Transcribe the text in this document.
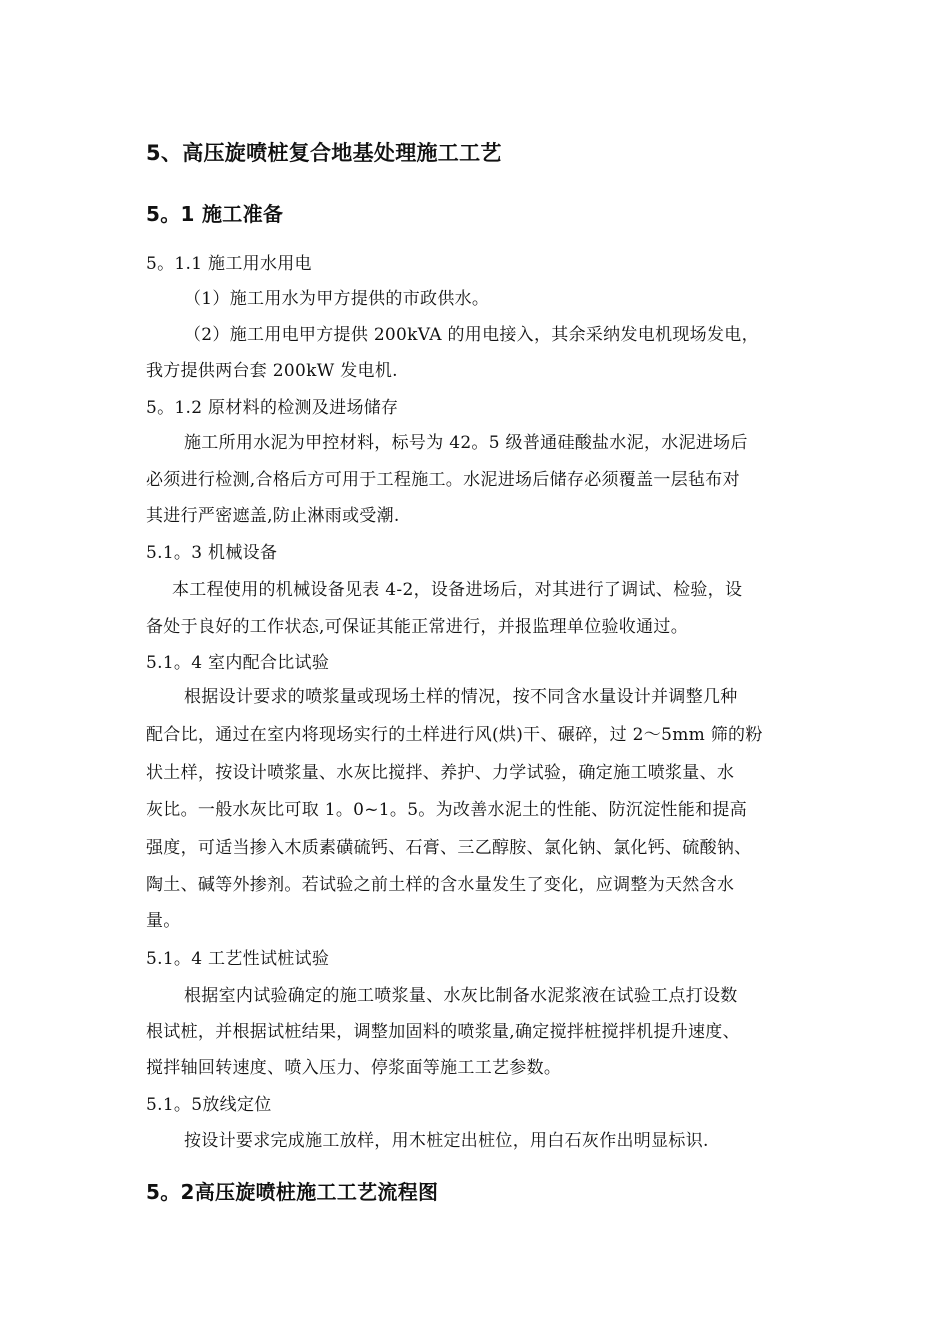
5、高压旋喷桩复合地基处理施工工艺
5。1 施工准备
5。1.1 施工用水用电
（1）施工用水为甲方提供的市政供水。
（2）施工用电甲方提供 200kVA 的用电接入，其余采纳发电机现场发电，
我方提供两台套 200kW 发电机.
5。1.2 原材料的检测及进场储存
施工所用水泥为甲控材料，标号为 42。5 级普通硅酸盐水泥，水泥进场后
必须进行检测,合格后方可用于工程施工。水泥进场后储存必须覆盖一层毡布对
其进行严密遮盖,防止淋雨或受潮.
5.1。3 机械设备
本工程使用的机械设备见表 4-2，设备进场后，对其进行了调试、检验，设
备处于良好的工作状态,可保证其能正常进行，并报监理单位验收通过。
5.1。4 室内配合比试验
根据设计要求的喷浆量或现场土样的情况，按不同含水量设计并调整几种
配合比，通过在室内将现场实行的土样进行风(烘)干、碾碎，过 2～5mm 筛的粉
状土样，按设计喷浆量、水灰比搅拌、养护、力学试验，确定施工喷浆量、水
灰比。一般水灰比可取 1。0~1。5。为改善水泥土的性能、防沉淀性能和提高
强度，可适当掺入木质素磺硫钙、石膏、三乙醇胺、氯化钠、氯化钙、硫酸钠、
陶土、碱等外掺剂。若试验之前土样的含水量发生了变化，应调整为天然含水
量。
5.1。4 工艺性试桩试验
根据室内试验确定的施工喷浆量、水灰比制备水泥浆液在试验工点打设数
根试桩，并根据试桩结果，调整加固料的喷浆量,确定搅拌桩搅拌机提升速度、
搅拌轴回转速度、喷入压力、停浆面等施工工艺参数。
5.1。5放线定位
按设计要求完成施工放样，用木桩定出桩位，用白石灰作出明显标识.
5。2高压旋喷桩施工工艺流程图
